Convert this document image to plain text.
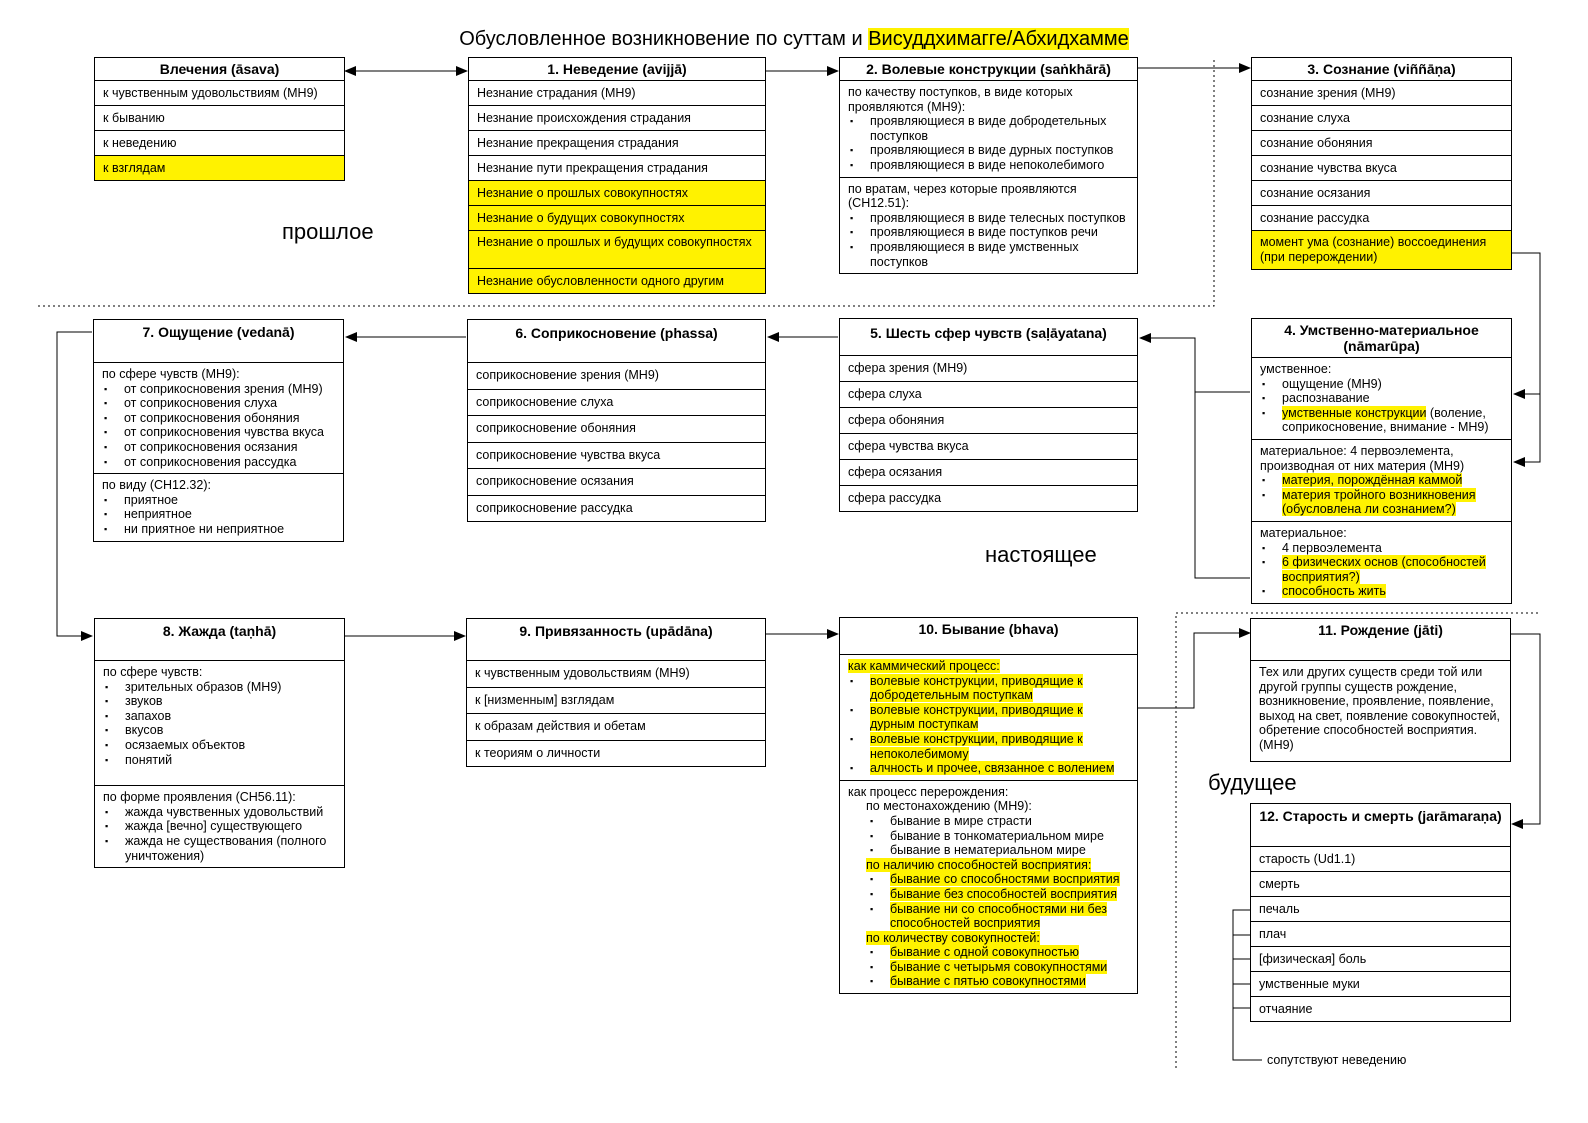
Обусловленное возникновение по суттам и Висуддхимагге/Абхидхамме
прошлое
настоящее
будущее
Влечения (āsava)
к чувственным удовольствиям (МН9)
к быванию
к неведению
к взглядам
1. Неведение (avijjā)
Незнание страдания (МН9)
Незнание происхождения страдания
Незнание прекращения страдания
Незнание пути прекращения страдания
Незнание о прошлых совокупностях
Незнание о будущих совокупностях
Незнание о прошлых и будущих совокупностях
Незнание обусловленности одного другим
2. Волевые конструкции (saṅkhārā)
по качеству поступков, в виде которых проявляются (МН9):
▪ проявляющиеся в виде добродетельных поступков
▪ проявляющиеся в виде дурных поступков
▪ проявляющиеся в виде непоколебимого
по вратам, через которые проявляются (СН12.51):
▪ проявляющиеся в виде телесных поступков
▪ проявляющиеся в виде поступков речи
▪ проявляющиеся в виде умственных поступков
3. Сознание (viññāṇa)
сознание зрения (МН9)
сознание слуха
сознание обоняния
сознание чувства вкуса
сознание осязания
сознание рассудка
момент ума (сознание) воссоединения (при перерождении)
4. Умственно-материальное (nāmarūpa)
умственное:
▪ ощущение (МН9)
▪ распознавание
▪ умственные конструкции (воление, соприкосновение, внимание - МН9)
материальное: 4 первоэлемента, производная от них материя (МН9)
▪ материя, порождённая каммой
▪ материя тройного возникновения (обусловлена ли сознанием?)
материальное:
▪ 4 первоэлемента
▪ 6 физических основ (способностей восприятия?)
▪ способность жить
5. Шесть сфер чувств (saḷāyatana)
сфера зрения (МН9)
сфера слуха
сфера обоняния
сфера чувства вкуса
сфера осязания
сфера рассудка
6. Соприкосновение (phassa)
соприкосновение зрения (МН9)
соприкосновение слуха
соприкосновение обоняния
соприкосновение чувства вкуса
соприкосновение осязания
соприкосновение рассудка
7. Ощущение (vedanā)
по сфере чувств (МН9):
▪ от соприкосновения зрения (МН9)
▪ от соприкосновения слуха
▪ от соприкосновения обоняния
▪ от соприкосновения чувства вкуса
▪ от соприкосновения осязания
▪ от соприкосновения рассудка
по виду (СН12.32):
▪ приятное
▪ неприятное
▪ ни приятное ни неприятное
8. Жажда (taṇhā)
по сфере чувств:
▪ зрительных образов (МН9)
▪ звуков
▪ запахов
▪ вкусов
▪ осязаемых объектов
▪ понятий
по форме проявления (СН56.11):
▪ жажда чувственных удовольствий
▪ жажда [вечно] существующего
▪ жажда не существования (полного уничтожения)
9. Привязанность (upādāna)
к чувственным удовольствиям (МН9)
к [низменным] взглядам
к образам действия и обетам
к теориям о личности
10. Бывание (bhava)
как каммический процесс:
▪ волевые конструкции, приводящие к добродетельным поступкам
▪ волевые конструкции, приводящие к дурным поступкам
▪ волевые конструкции, приводящие к непоколебимому
▪ алчность и прочее, связанное с волением
как процесс перерождения:
по местонахождению (МН9):
▪ бывание в мире страсти
▪ бывание в тонкоматериальном мире
▪ бывание в нематериальном мире
по наличию способностей восприятия:
▪ бывание со способностями восприятия
▪ бывание без способностей восприятия
▪ бывание ни со способностями ни без способностей восприятия
по количеству совокупностей:
▪ бывание с одной совокупностью
▪ бывание с четырьмя совокупностями
▪ бывание с пятью совокупностями
11. Рождение (jāti)
Тех или других существ среди той или другой группы существ рождение, возникновение, проявление, появление, выход на свет, появление совокупностей, обретение способностей восприятия. (МН9)
12. Старость и смерть (jarāmaraṇa)
старость (Ud1.1)
смерть
печаль
плач
[физическая] боль
умственные муки
отчаяние
сопутствуют неведению
